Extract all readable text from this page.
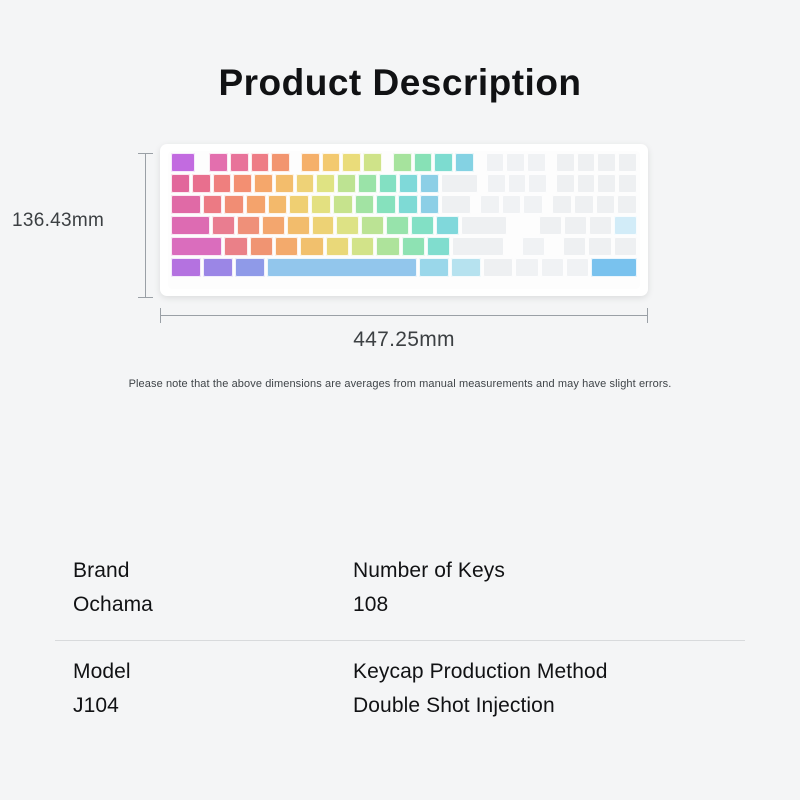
Product Description
136.43mm
447.25mm
Please note that the above dimensions are averages from manual measurements and may have slight errors.
Brand
Ochama
Number of Keys
108
Model
J104
Keycap Production Method
Double Shot Injection
